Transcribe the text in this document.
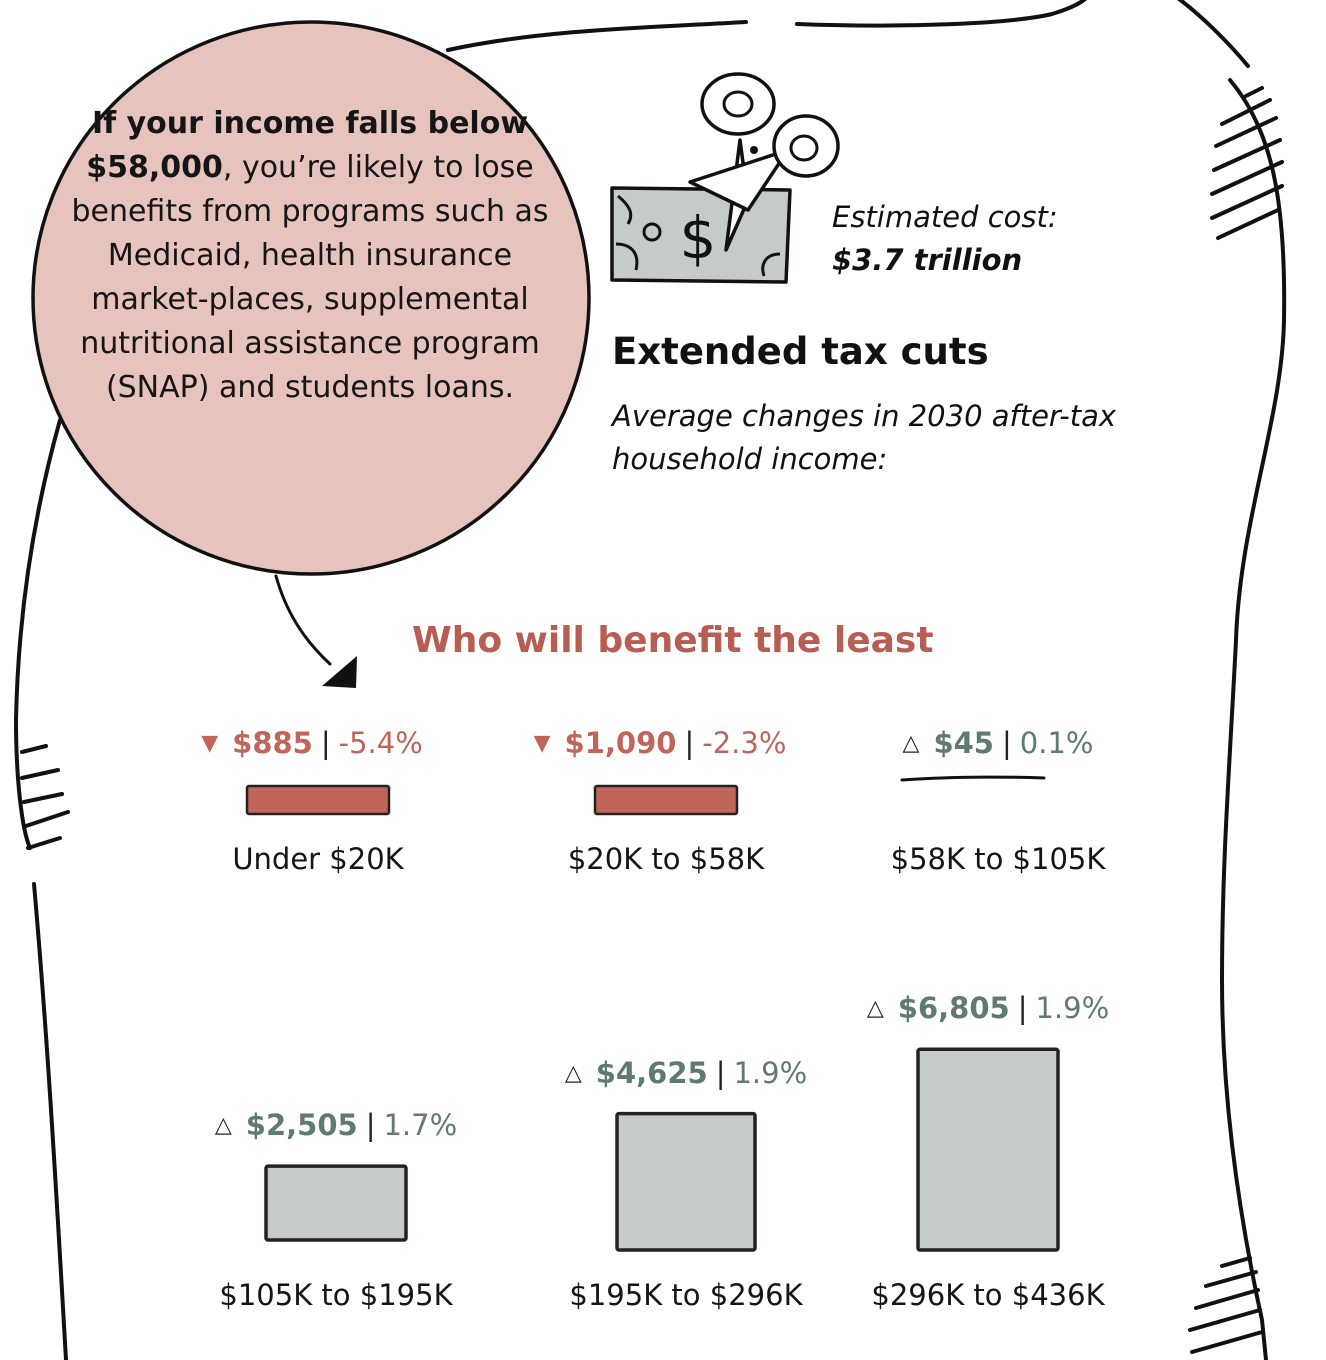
$
If your income falls below $58,000, you’re likely to lose benefits from programs such as Medicaid, health insurance market-places, supplemental nutritional assistance program (SNAP) and students loans.
Estimated cost:
$3.7 trillion
Extended tax cuts
Average changes in 2030 after-tax household income:
Who will benefit the least
▼ $885 | -5.4%
Under $20K
▼ $1,090 | -2.3%
$20K to $58K
△ $45 | 0.1%
$58K to $105K
△ $2,505 | 1.7%
$105K to $195K
△ $4,625 | 1.9%
$195K to $296K
△ $6,805 | 1.9%
$296K to $436K
